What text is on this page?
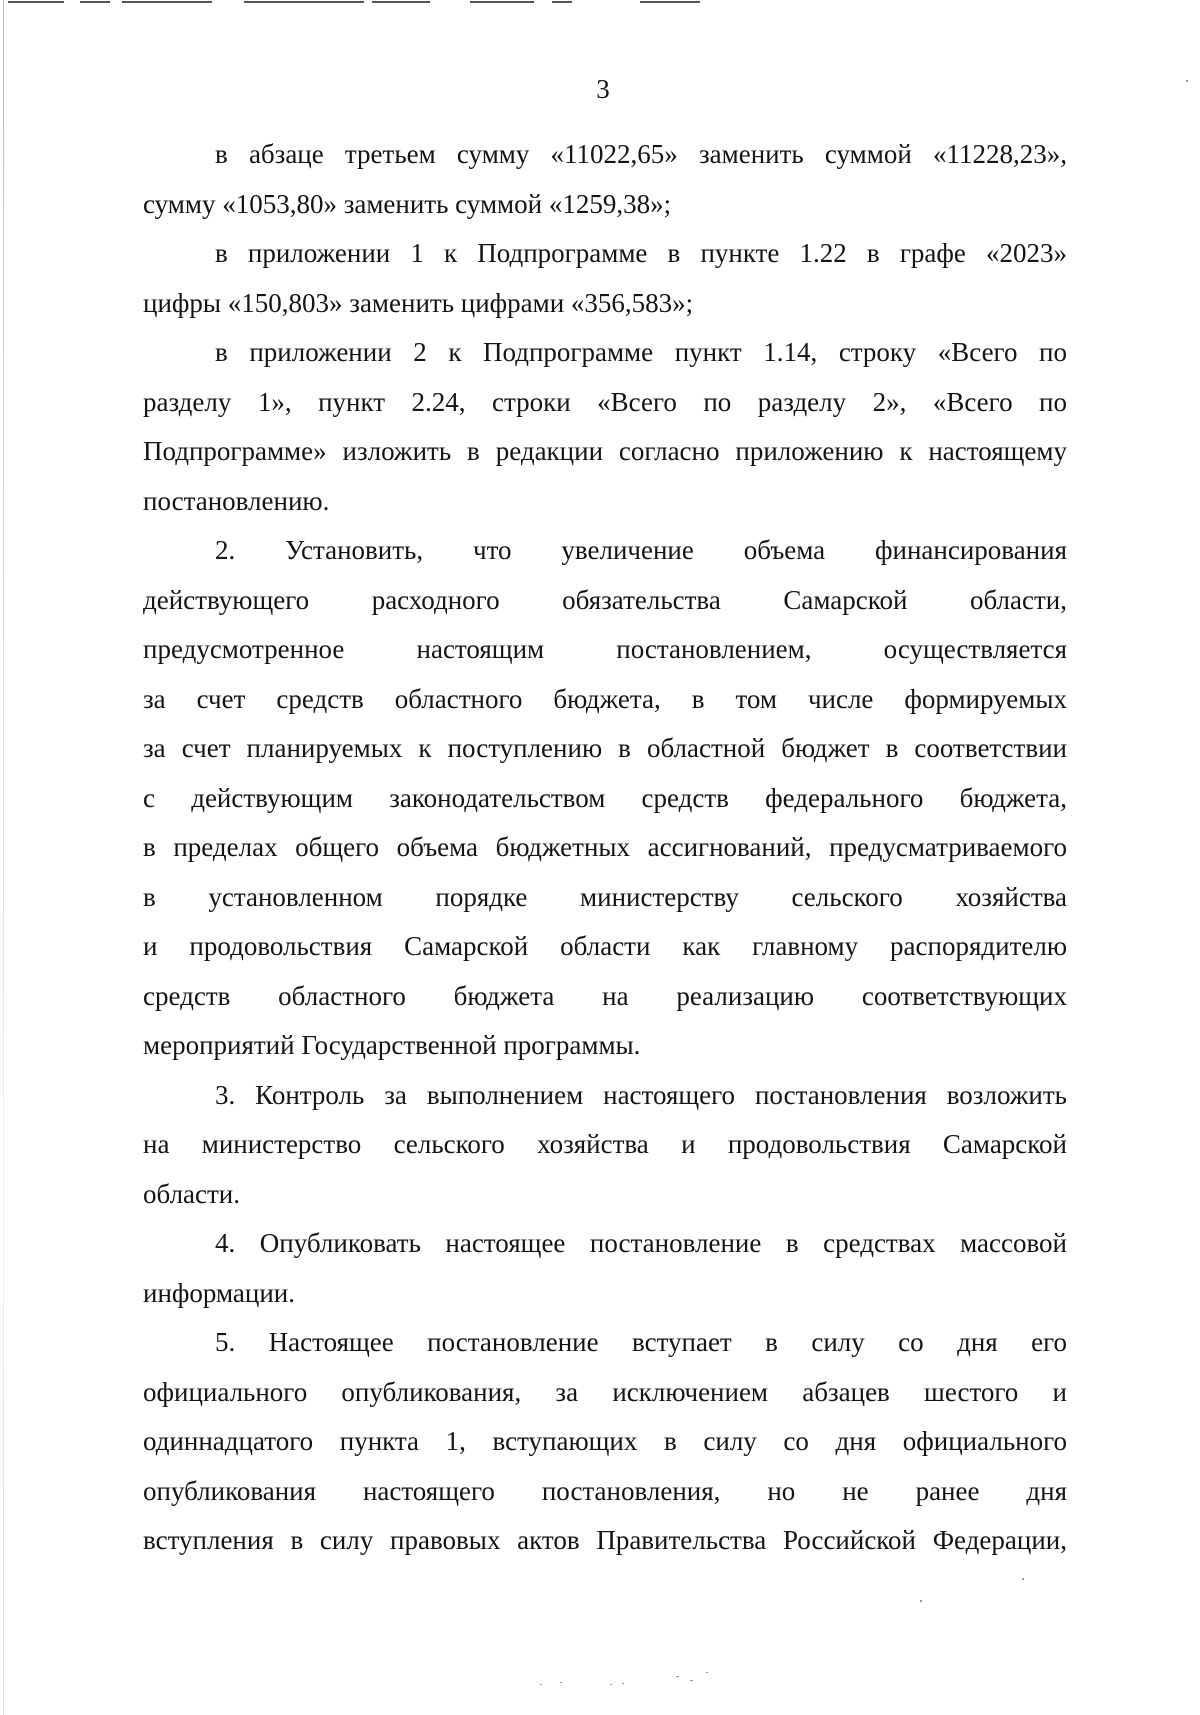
3
в абзаце третьем сумму «11022,65» заменить суммой «11228,23»,
сумму «1053,80» заменить суммой «1259,38»;
в приложении 1 к Подпрограмме в пункте 1.22 в графе «2023»
цифры «150,803» заменить цифрами «356,583»;
в приложении 2 к Подпрограмме пункт 1.14, строку «Всего по
разделу 1», пункт 2.24, строки «Всего по разделу 2», «Всего по
Подпрограмме» изложить в редакции согласно приложению к настоящему
постановлению.
2. Установить, что увеличение объема финансирования
действующего расходного обязательства Самарской области,
предусмотренное настоящим постановлением, осуществляется
за счет средств областного бюджета, в том числе формируемых
за счет планируемых к поступлению в областной бюджет в соответствии
с действующим законодательством средств федерального бюджета,
в пределах общего объема бюджетных ассигнований, предусматриваемого
в установленном порядке министерству сельского хозяйства
и продовольствия Самарской области как главному распорядителю
средств областного бюджета на реализацию соответствующих
мероприятий Государственной программы.
3. Контроль за выполнением настоящего постановления возложить
на министерство сельского хозяйства и продовольствия Самарской
области.
4. Опубликовать настоящее постановление в средствах массовой
информации.
5. Настоящее постановление вступает в силу со дня его
официального опубликования, за исключением абзацев шестого и
одиннадцатого пункта 1, вступающих в силу со дня официального
опубликования настоящего постановления, но не ранее дня
вступления в силу правовых актов Правительства Российской Федерации,
